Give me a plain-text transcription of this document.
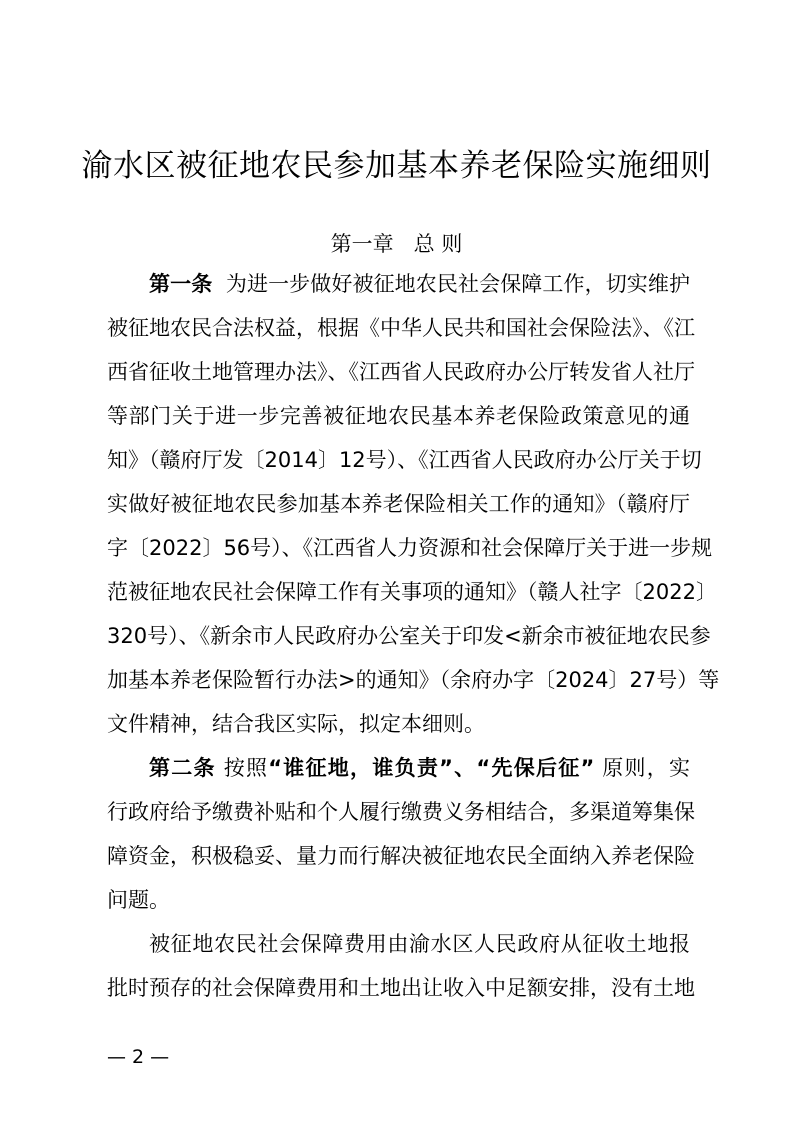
渝水区被征地农民参加基本养老保险实施细则
第一章 总 则
第一条 为进一步做好被征地农民社会保障工作，切实维护
被征地农民合法权益，根据《中华人民共和国社会保险法》、《江
西省征收土地管理办法》、《江西省人民政府办公厅转发省人社厅
等部门关于进一步完善被征地农民基本养老保险政策意见的通
知》（赣府厅发〔2014〕12号）、《江西省人民政府办公厅关于切
实做好被征地农民参加基本养老保险相关工作的通知》（赣府厅
字〔2022〕56号）、《江西省人力资源和社会保障厅关于进一步规
范被征地农民社会保障工作有关事项的通知》（赣人社字〔2022〕
320号）、《新余市人民政府办公室关于印发<新余市被征地农民参
加基本养老保险暂行办法>的通知》（余府办字〔2024〕27号）等
文件精神，结合我区实际，拟定本细则。
第二条 按照“谁征地，谁负责”、“先保后征” 原则，实
行政府给予缴费补贴和个人履行缴费义务相结合，多渠道筹集保
障资金，积极稳妥、量力而行解决被征地农民全面纳入养老保险
问题。
被征地农民社会保障费用由渝水区人民政府从征收土地报
批时预存的社会保障费用和土地出让收入中足额安排，没有土地
— 2 —
